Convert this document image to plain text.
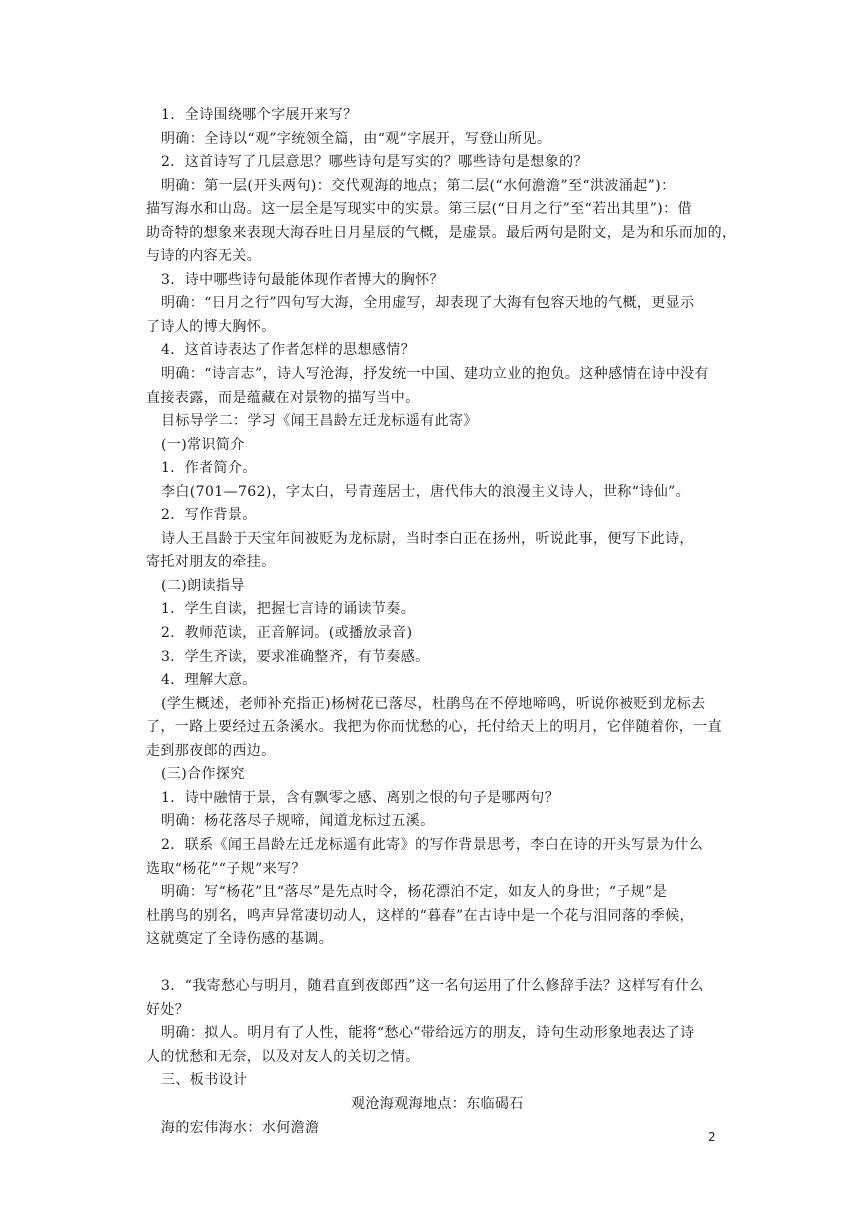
1．全诗围绕哪个字展开来写？
明确：全诗以“观”字统领全篇，由“观”字展开，写登山所见。
2．这首诗写了几层意思？哪些诗句是写实的？哪些诗句是想象的？
明确：第一层(开头两句)：交代观海的地点；第二层(“水何澹澹”至“洪波涌起”)：
描写海水和山岛。这一层全是写现实中的实景。第三层(“日月之行”至“若出其里”)：借
助奇特的想象来表现大海吞吐日月星辰的气概，是虚景。最后两句是附文，是为和乐而加的，
与诗的内容无关。
3．诗中哪些诗句最能体现作者博大的胸怀？
明确：“日月之行”四句写大海，全用虚写，却表现了大海有包容天地的气概，更显示
了诗人的博大胸怀。
4．这首诗表达了作者怎样的思想感情？
明确：“诗言志”，诗人写沧海，抒发统一中国、建功立业的抱负。这种感情在诗中没有
直接表露，而是蕴藏在对景物的描写当中。
目标导学二：学习《闻王昌龄左迁龙标遥有此寄》
(一)常识简介
1．作者简介。
李白(701—762)，字太白，号青莲居士，唐代伟大的浪漫主义诗人，世称“诗仙”。
2．写作背景。
诗人王昌龄于天宝年间被贬为龙标尉，当时李白正在扬州，听说此事，便写下此诗，
寄托对朋友的牵挂。
(二)朗读指导
1．学生自读，把握七言诗的诵读节奏。
2．教师范读，正音解词。(或播放录音)
3．学生齐读，要求准确整齐，有节奏感。
4．理解大意。
(学生概述，老师补充指正)杨树花已落尽，杜鹃鸟在不停地啼鸣，听说你被贬到龙标去
了，一路上要经过五条溪水。我把为你而忧愁的心，托付给天上的明月，它伴随着你，一直
走到那夜郎的西边。
(三)合作探究
1．诗中融情于景，含有飘零之感、离别之恨的句子是哪两句？
明确：杨花落尽子规啼，闻道龙标过五溪。
2．联系《闻王昌龄左迁龙标遥有此寄》的写作背景思考，李白在诗的开头写景为什么
选取“杨花”“子规”来写？
明确：写“杨花”且“落尽”是先点时令，杨花漂泊不定，如友人的身世；“子规”是
杜鹃鸟的别名，鸣声异常凄切动人，这样的“暮春”在古诗中是一个花与泪同落的季候，
这就奠定了全诗伤感的基调。
3．“我寄愁心与明月，随君直到夜郎西”这一名句运用了什么修辞手法？这样写有什么
好处？
明确：拟人。明月有了人性，能将“愁心”带给远方的朋友，诗句生动形象地表达了诗
人的忧愁和无奈，以及对友人的关切之情。
三、板书设计
观沧海观海地点：东临碣石
海的宏伟海水：水何澹澹
2
